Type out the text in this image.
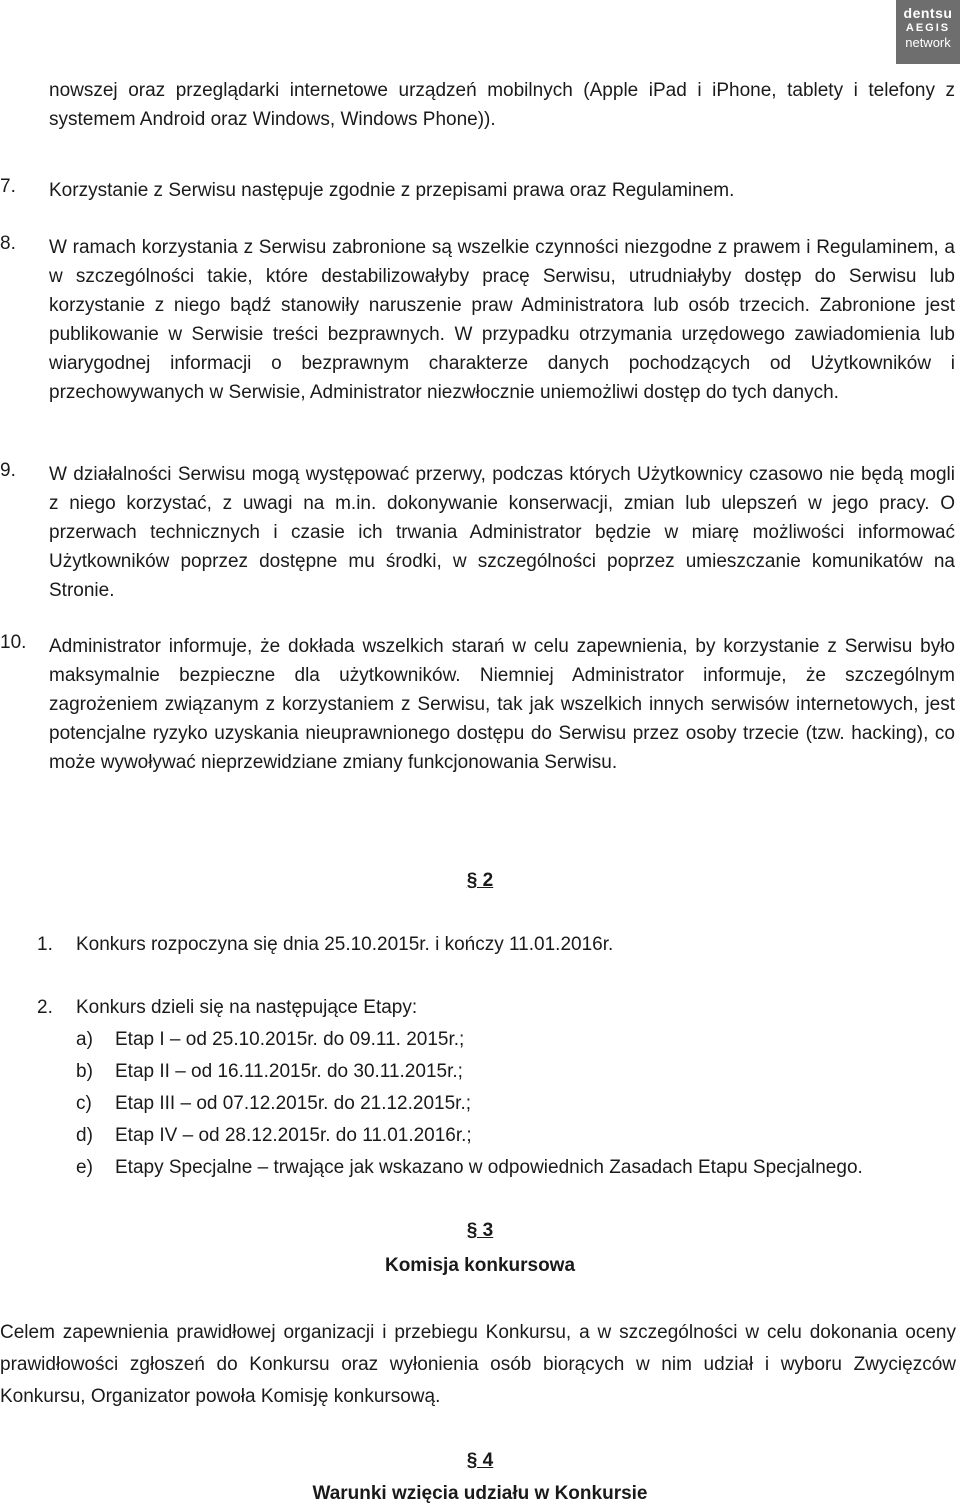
dentsu
AEGIS
network
nowszej oraz przeglądarki internetowe urządzeń mobilnych (Apple iPad i iPhone, tablety i telefony z systemem Android oraz Windows, Windows Phone)).
7.	Korzystanie z Serwisu następuje zgodnie z przepisami prawa oraz Regulaminem.
8.	W ramach korzystania z Serwisu zabronione są wszelkie czynności niezgodne z prawem i Regulaminem, a w szczególności takie, które destabilizowałyby pracę Serwisu, utrudniałyby dostęp do Serwisu lub korzystanie z niego bądź stanowiły naruszenie praw Administratora lub osób trzecich. Zabronione jest publikowanie w Serwisie treści bezprawnych. W przypadku otrzymania urzędowego zawiadomienia lub wiarygodnej informacji o bezprawnym charakterze danych pochodzących od Użytkowników i przechowywanych w Serwisie, Administrator niezwłocznie uniemożliwi dostęp do tych danych.
9.	W działalności Serwisu mogą występować przerwy, podczas których Użytkownicy czasowo nie będą mogli z niego korzystać, z uwagi na m.in. dokonywanie konserwacji, zmian lub ulepszeń w jego pracy. O przerwach technicznych i czasie ich trwania Administrator będzie w miarę możliwości informować Użytkowników poprzez dostępne mu środki, w szczególności poprzez umieszczanie komunikatów na Stronie.
10.	Administrator informuje, że dokłada wszelkich starań w celu zapewnienia, by korzystanie z Serwisu było maksymalnie bezpieczne dla użytkowników. Niemniej Administrator informuje, że szczególnym zagrożeniem związanym z korzystaniem z Serwisu, tak jak wszelkich innych serwisów internetowych, jest potencjalne ryzyko uzyskania nieuprawnionego dostępu do Serwisu przez osoby trzecie (tzw. hacking), co może wywoływać nieprzewidziane zmiany funkcjonowania Serwisu.
§ 2
1.	Konkurs rozpoczyna się dnia 25.10.2015r. i kończy 11.01.2016r.
2.	Konkurs dzieli się na następujące Etapy:
a) Etap I – od 25.10.2015r. do 09.11. 2015r.;
b) Etap II – od 16.11.2015r. do 30.11.2015r.;
c) Etap III – od 07.12.2015r. do 21.12.2015r.;
d) Etap IV – od 28.12.2015r. do 11.01.2016r.;
e) Etapy Specjalne – trwające jak wskazano w odpowiednich Zasadach Etapu Specjalnego.
§ 3
Komisja konkursowa
Celem zapewnienia prawidłowej organizacji i przebiegu Konkursu, a w szczególności w celu dokonania oceny prawidłowości zgłoszeń do Konkursu oraz wyłonienia osób biorących w nim udział i wyboru Zwycięzców Konkursu, Organizator powoła Komisję konkursową.
§ 4
Warunki wzięcia udziału w Konkursie
